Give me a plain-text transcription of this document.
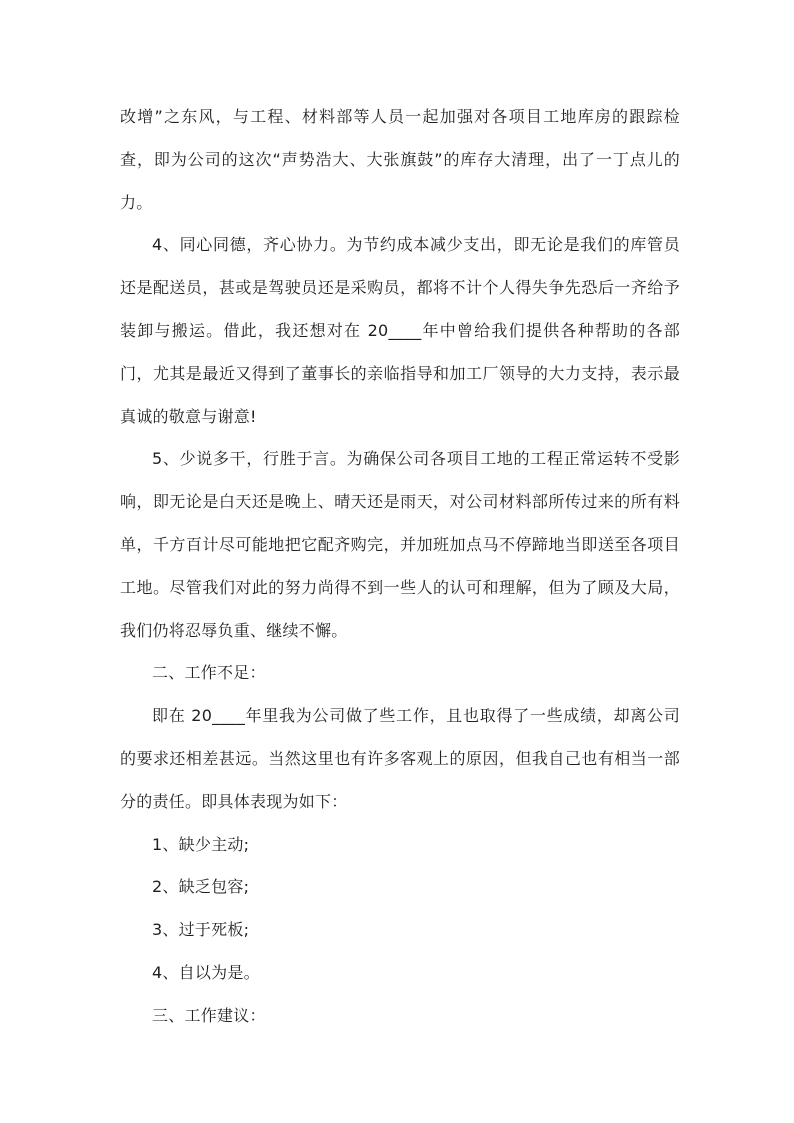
改增”之东风，与工程、材料部等人员一起加强对各项目工地库房的跟踪检查，即为公司的这次“声势浩大、大张旗鼓”的库存大清理，出了一丁点儿的力。

4、同心同德，齐心协力。为节约成本减少支出，即无论是我们的库管员还是配送员，甚或是驾驶员还是采购员，都将不计个人得失争先恐后一齐给予装卸与搬运。借此，我还想对在 20____年中曾给我们提供各种帮助的各部门，尤其是最近又得到了董事长的亲临指导和加工厂领导的大力支持，表示最真诚的敬意与谢意!

5、少说多干，行胜于言。为确保公司各项目工地的工程正常运转不受影响，即无论是白天还是晚上、晴天还是雨天，对公司材料部所传过来的所有料单，千方百计尽可能地把它配齐购完，并加班加点马不停蹄地当即送至各项目工地。尽管我们对此的努力尚得不到一些人的认可和理解，但为了顾及大局，我们仍将忍辱负重、继续不懈。

二、工作不足：

即在 20____年里我为公司做了些工作，且也取得了一些成绩，却离公司的要求还相差甚远。当然这里也有许多客观上的原因，但我自己也有相当一部分的责任。即具体表现为如下：

1、缺少主动;

2、缺乏包容;

3、过于死板;

4、自以为是。

三、工作建议：
